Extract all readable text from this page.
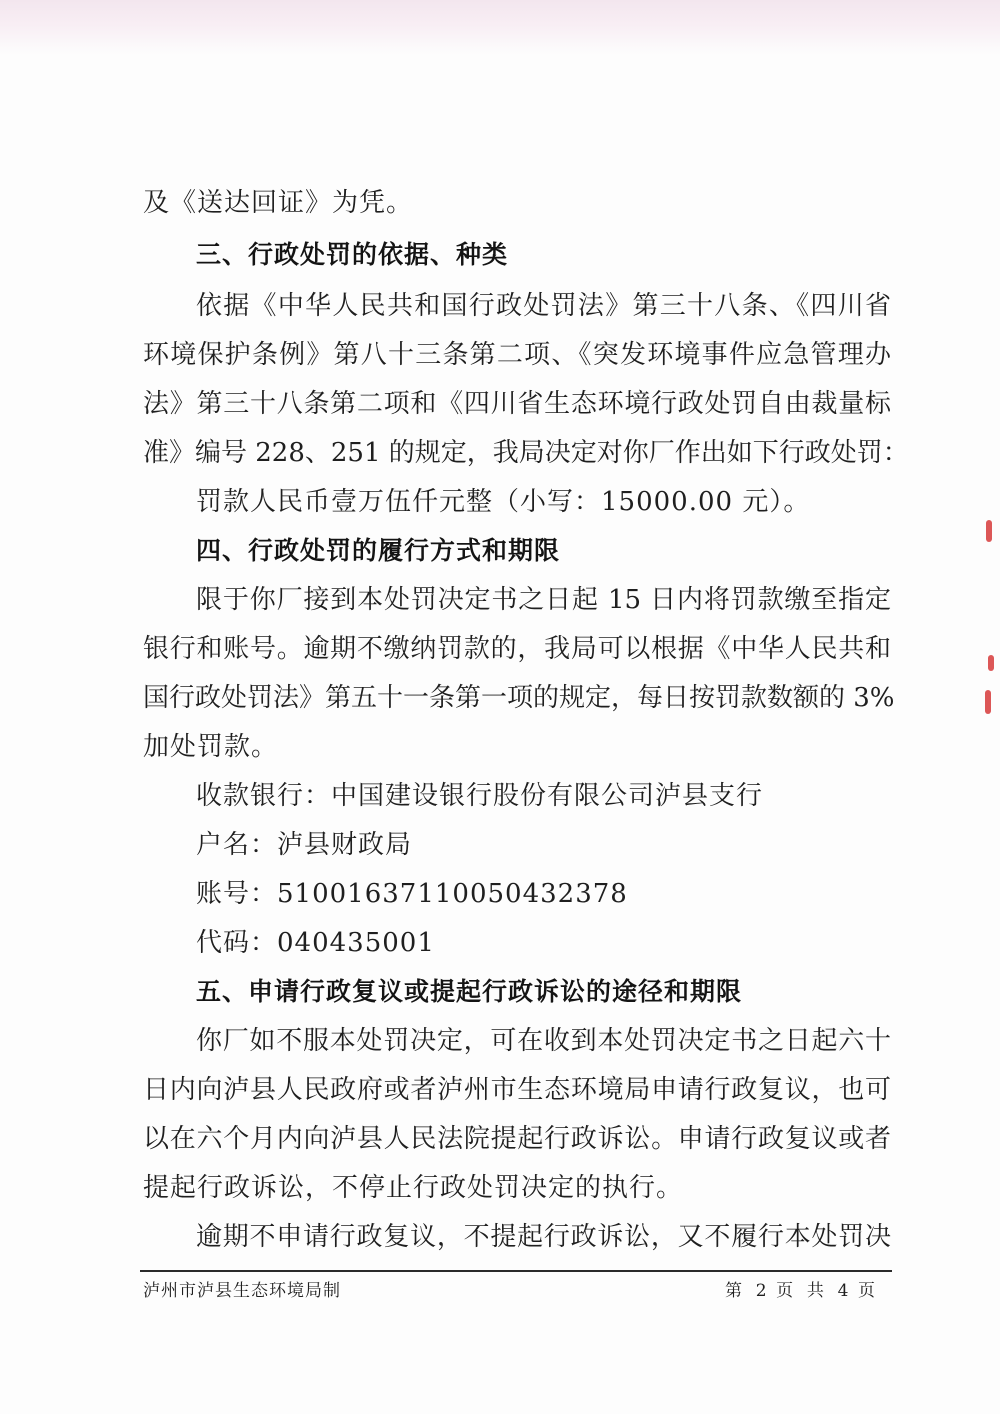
及《送达回证》为凭。
三、行政处罚的依据、种类
依据《中华人民共和国行政处罚法》第三十八条、《四川省
环境保护条例》第八十三条第二项、《突发环境事件应急管理办
法》第三十八条第二项和《四川省生态环境行政处罚自由裁量标
准》编号 228、251 的规定，我局决定对你厂作出如下行政处罚：
罚款人民币壹万伍仟元整（小写：15000.00 元）。
四、行政处罚的履行方式和期限
限于你厂接到本处罚决定书之日起 15 日内将罚款缴至指定
银行和账号。逾期不缴纳罚款的，我局可以根据《中华人民共和
国行政处罚法》第五十一条第一项的规定，每日按罚款数额的 3%
加处罚款。
收款银行：中国建设银行股份有限公司泸县支行
户名：泸县财政局
账号：51001637110050432378
代码：040435001
五、申请行政复议或提起行政诉讼的途径和期限
你厂如不服本处罚决定，可在收到本处罚决定书之日起六十
日内向泸县人民政府或者泸州市生态环境局申请行政复议，也可
以在六个月内向泸县人民法院提起行政诉讼。申请行政复议或者
提起行政诉讼，不停止行政处罚决定的执行。
逾期不申请行政复议，不提起行政诉讼，又不履行本处罚决
泸州市泸县生态环境局制	第 2 页 共 4 页
